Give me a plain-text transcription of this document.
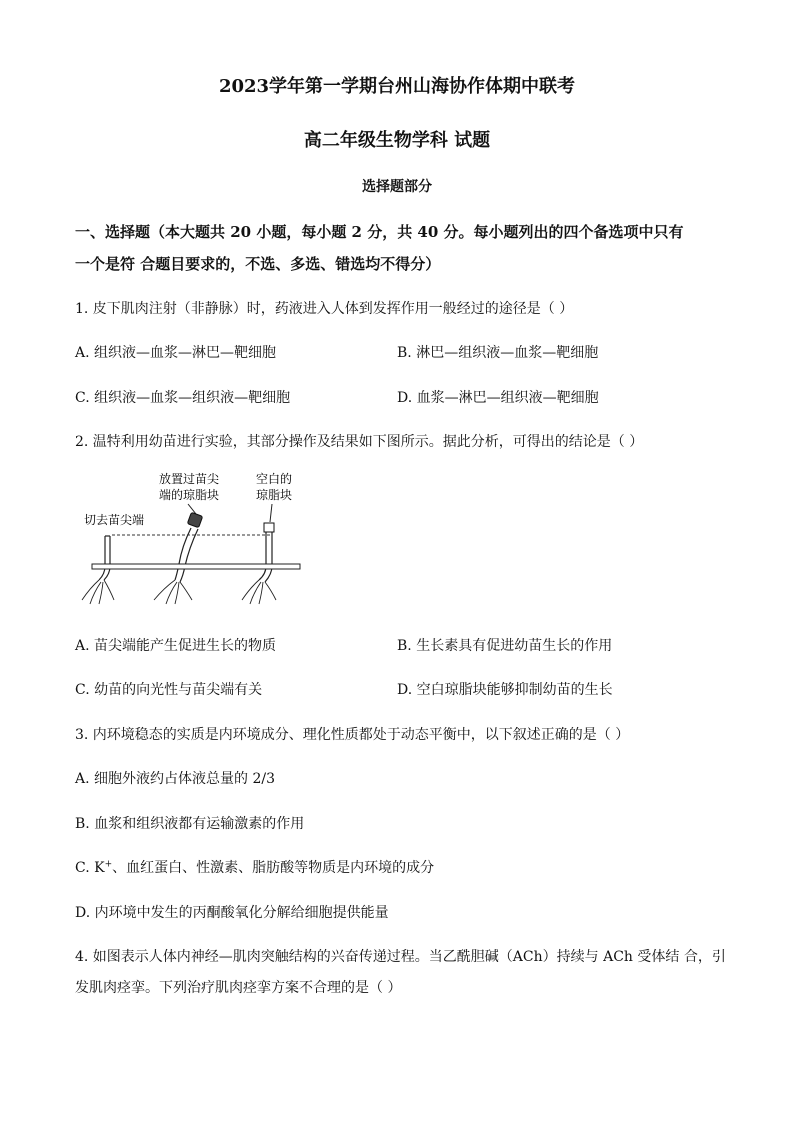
2023学年第一学期台州山海协作体期中联考
高二年级生物学科 试题
选择题部分
一、选择题（本大题共 20 小题，每小题 2 分，共 40 分。每小题列出的四个备选项中只有
一个是符 合题目要求的，不选、多选、错选均不得分）
1. 皮下肌肉注射（非静脉）时，药液进入人体到发挥作用一般经过的途径是（ ）
A. 组织液—血浆—淋巴—靶细胞	B. 淋巴—组织液—血浆—靶细胞
C. 组织液—血浆—组织液—靶细胞	D. 血浆—淋巴—组织液—靶细胞
2. 温特利用幼苗进行实验，其部分操作及结果如下图所示。据此分析，可得出的结论是（ ）
放置过苗尖
端的琼脂块
空白的
琼脂块
切去苗尖端
A. 苗尖端能产生促进生长的物质	B. 生长素具有促进幼苗生长的作用
C. 幼苗的向光性与苗尖端有关	D. 空白琼脂块能够抑制幼苗的生长
3. 内环境稳态的实质是内环境成分、理化性质都处于动态平衡中，以下叙述正确的是（ ）
A. 细胞外液约占体液总量的 2/3
B. 血浆和组织液都有运输激素的作用
C. K+、血红蛋白、性激素、脂肪酸等物质是内环境的成分
D. 内环境中发生的丙酮酸氧化分解给细胞提供能量
4. 如图表示人体内神经—肌肉突触结构的兴奋传递过程。当乙酰胆碱（ACh）持续与 ACh 受体结 合，引
发肌肉痉挛。下列治疗肌肉痉挛方案不合理的是（ ）
